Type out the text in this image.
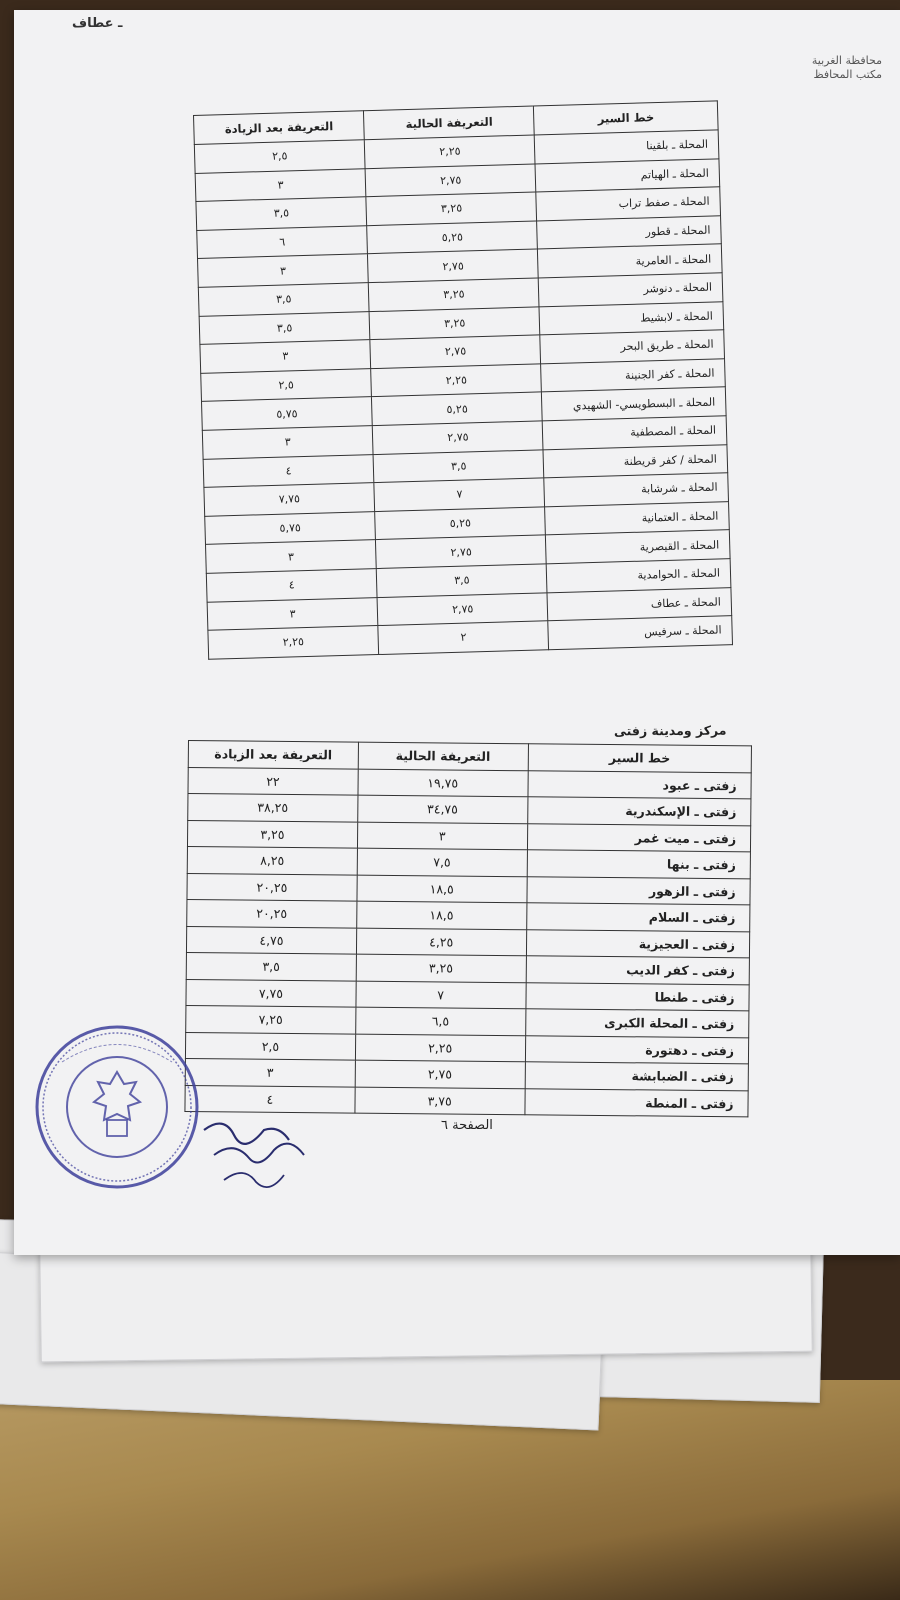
ـ عطاف
محافظة الغربية
مكتب المحافظ
خط السير	التعريفة الحالية	التعريفة بعد الزيادة
المحلة ـ بلقينا	٢,٢٥	٢,٥
المحلة ـ الهياتم	٢,٧٥	٣
المحلة ـ صفط تراب	٣,٢٥	٣,٥
المحلة ـ قطور	٥,٢٥	٦
المحلة ـ العامرية	٢,٧٥	٣
المحلة ـ دنوشر	٣,٢٥	٣,٥
المحلة ـ لابشيط	٣,٢٥	٣,٥
المحلة ـ طريق البحر	٢,٧٥	٣
المحلة ـ كفر الجنينة	٢,٢٥	٢,٥
المحلة ـ البسطويسي- الشهيدي	٥,٢٥	٥,٧٥
المحلة ـ المصطفية	٢,٧٥	٣
المحلة / كفر قريطنة	٣,٥	٤
المحلة ـ شرشابة	٧	٧,٧٥
المحلة ـ العتمانية	٥,٢٥	٥,٧٥
المحلة ـ القيصرية	٢,٧٥	٣
المحلة ـ الحوامدية	٣,٥	٤
المحلة ـ عطاف	٢,٧٥	٣
المحلة ـ سرفيس	٢	٢,٢٥
مركز ومدينة زفتى
خط السير	التعريفة الحالية	التعريفة بعد الزيادة
زفتى ـ عبود	١٩,٧٥	٢٢
زفتى ـ الإسكندرية	٣٤,٧٥	٣٨,٢٥
زفتى ـ ميت غمر	٣	٣,٢٥
زفتى ـ بنها	٧,٥	٨,٢٥
زفتى ـ الزهور	١٨,٥	٢٠,٢٥
زفتى ـ السلام	١٨,٥	٢٠,٢٥
زفتى ـ العجيزية	٤,٢٥	٤,٧٥
زفتى ـ كفر الديب	٣,٢٥	٣,٥
زفتى ـ طنطا	٧	٧,٧٥
زفتى ـ المحلة الكبرى	٦,٥	٧,٢٥
زفتى ـ دهتورة	٢,٢٥	٢,٥
زفتى ـ الضبابشة	٢,٧٥	٣
زفتى ـ المنطة	٣,٧٥	٤
الصفحة ٦
